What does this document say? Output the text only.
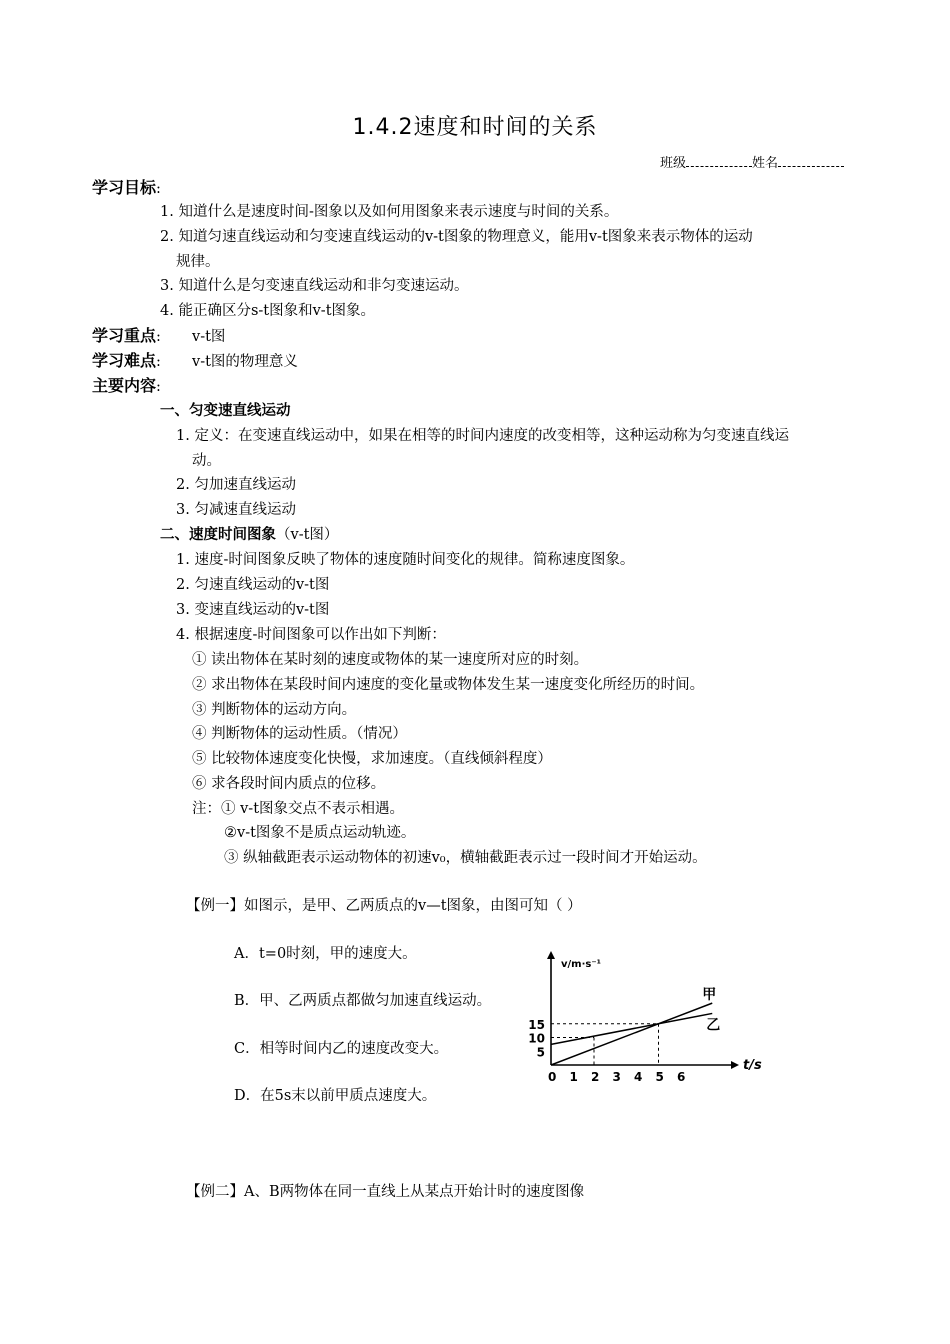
1.4.2速度和时间的关系
班级	姓名
学习目标:
1. 知道什么是速度时间-图象以及如何用图象来表示速度与时间的关系。
2. 知道匀速直线运动和匀变速直线运动的v-t图象的物理意义，能用v-t图象来表示物体的运动
规律。
3. 知道什么是匀变速直线运动和非匀变速运动。
4. 能正确区分s-t图象和v-t图象。
学习重点: v-t图
学习难点: v-t图的物理意义
主要内容:
一、匀变速直线运动
1. 定义：在变速直线运动中，如果在相等的时间内速度的改变相等，这种运动称为匀变速直线运
动。
2. 匀加速直线运动
3. 匀减速直线运动
二、速度时间图象（v-t图）
1. 速度-时间图象反映了物体的速度随时间变化的规律。简称速度图象。
2. 匀速直线运动的v-t图
3. 变速直线运动的v-t图
4. 根据速度-时间图象可以作出如下判断：
① 读出物体在某时刻的速度或物体的某一速度所对应的时刻。
② 求出物体在某段时间内速度的变化量或物体发生某一速度变化所经历的时间。
③ 判断物体的运动方向。
④ 判断物体的运动性质。（情况）
⑤ 比较物体速度变化快慢，求加速度。（直线倾斜程度）
⑥ 求各段时间内质点的位移。
注：① v-t图象交点不表示相遇。
②v-t图象不是质点运动轨迹。
③ 纵轴截距表示运动物体的初速v₀，横轴截距表示过一段时间才开始运动。
【例一】如图示，是甲、乙两质点的v—t图象，由图可知（ ）
A．t=0时刻，甲的速度大。
B．甲、乙两质点都做匀加速直线运动。
C．相等时间内乙的速度改变大。
D．在5s末以前甲质点速度大。
v/m·s⁻¹
t/s
0 1 2 3 4 5 6
5
10
15
甲
乙
【例二】A、B两物体在同一直线上从某点开始计时的速度图像
